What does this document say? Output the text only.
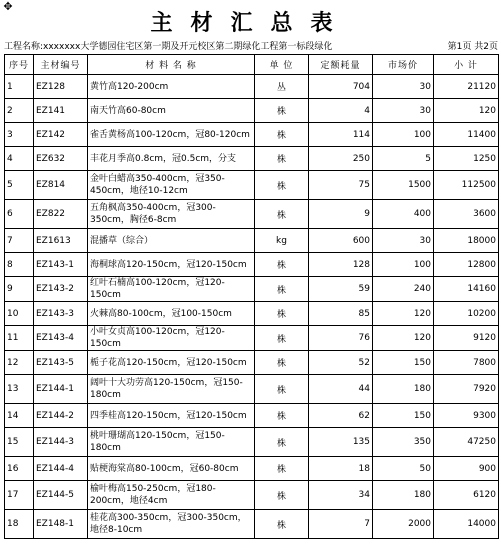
✥
主材汇总表
工程名称:xxxxxxx大学德园住宅区第一期及开元校区第二期绿化工程第一标段绿化	第1页 共2页
序号	主材编号	材 料 名 称	单 位	定额耗量	市场价	小 计
1	EZ128	黄竹高120-200cm	丛	704	30	21120
2	EZ141	南天竹高60-80cm	株	4	30	120
3	EZ142	雀舌黄杨高100-120cm，冠80-120cm	株	114	100	11400
4	EZ632	丰花月季高0.8cm，冠0.5cm，分支	株	250	5	1250
5	EZ814	金叶白蜡高350-400cm，冠350-450cm，地径10-12cm	株	75	1500	112500
6	EZ822	五角枫高350-400cm，冠300-350cm，胸径6-8cm	株	9	400	3600
7	EZ1613	混播草（综合）	kg	600	30	18000
8	EZ143-1	海桐球高120-150cm，冠120-150cm	株	128	100	12800
9	EZ143-2	红叶石楠高100-120cm，冠120-150cm	株	59	240	14160
10	EZ143-3	火棘高80-100cm，冠100-150cm	株	85	120	10200
11	EZ143-4	小叶女贞高100-120cm，冠120-150cm	株	76	120	9120
12	EZ143-5	栀子花高120-150cm，冠120-150cm	株	52	150	7800
13	EZ144-1	阔叶十大功劳高120-150cm，冠150-180cm	株	44	180	7920
14	EZ144-2	四季桂高120-150cm，冠120-150cm	株	62	150	9300
15	EZ144-3	桃叶珊瑚高120-150cm，冠150-180cm	株	135	350	47250
16	EZ144-4	贴梗海棠高80-100cm，冠60-80cm	株	18	50	900
17	EZ144-5	榆叶梅高150-250cm，冠180-200cm，地径4cm	株	34	180	6120
18	EZ148-1	桂花高300-350cm，冠300-350cm，地径8-10cm	株	7	2000	14000
